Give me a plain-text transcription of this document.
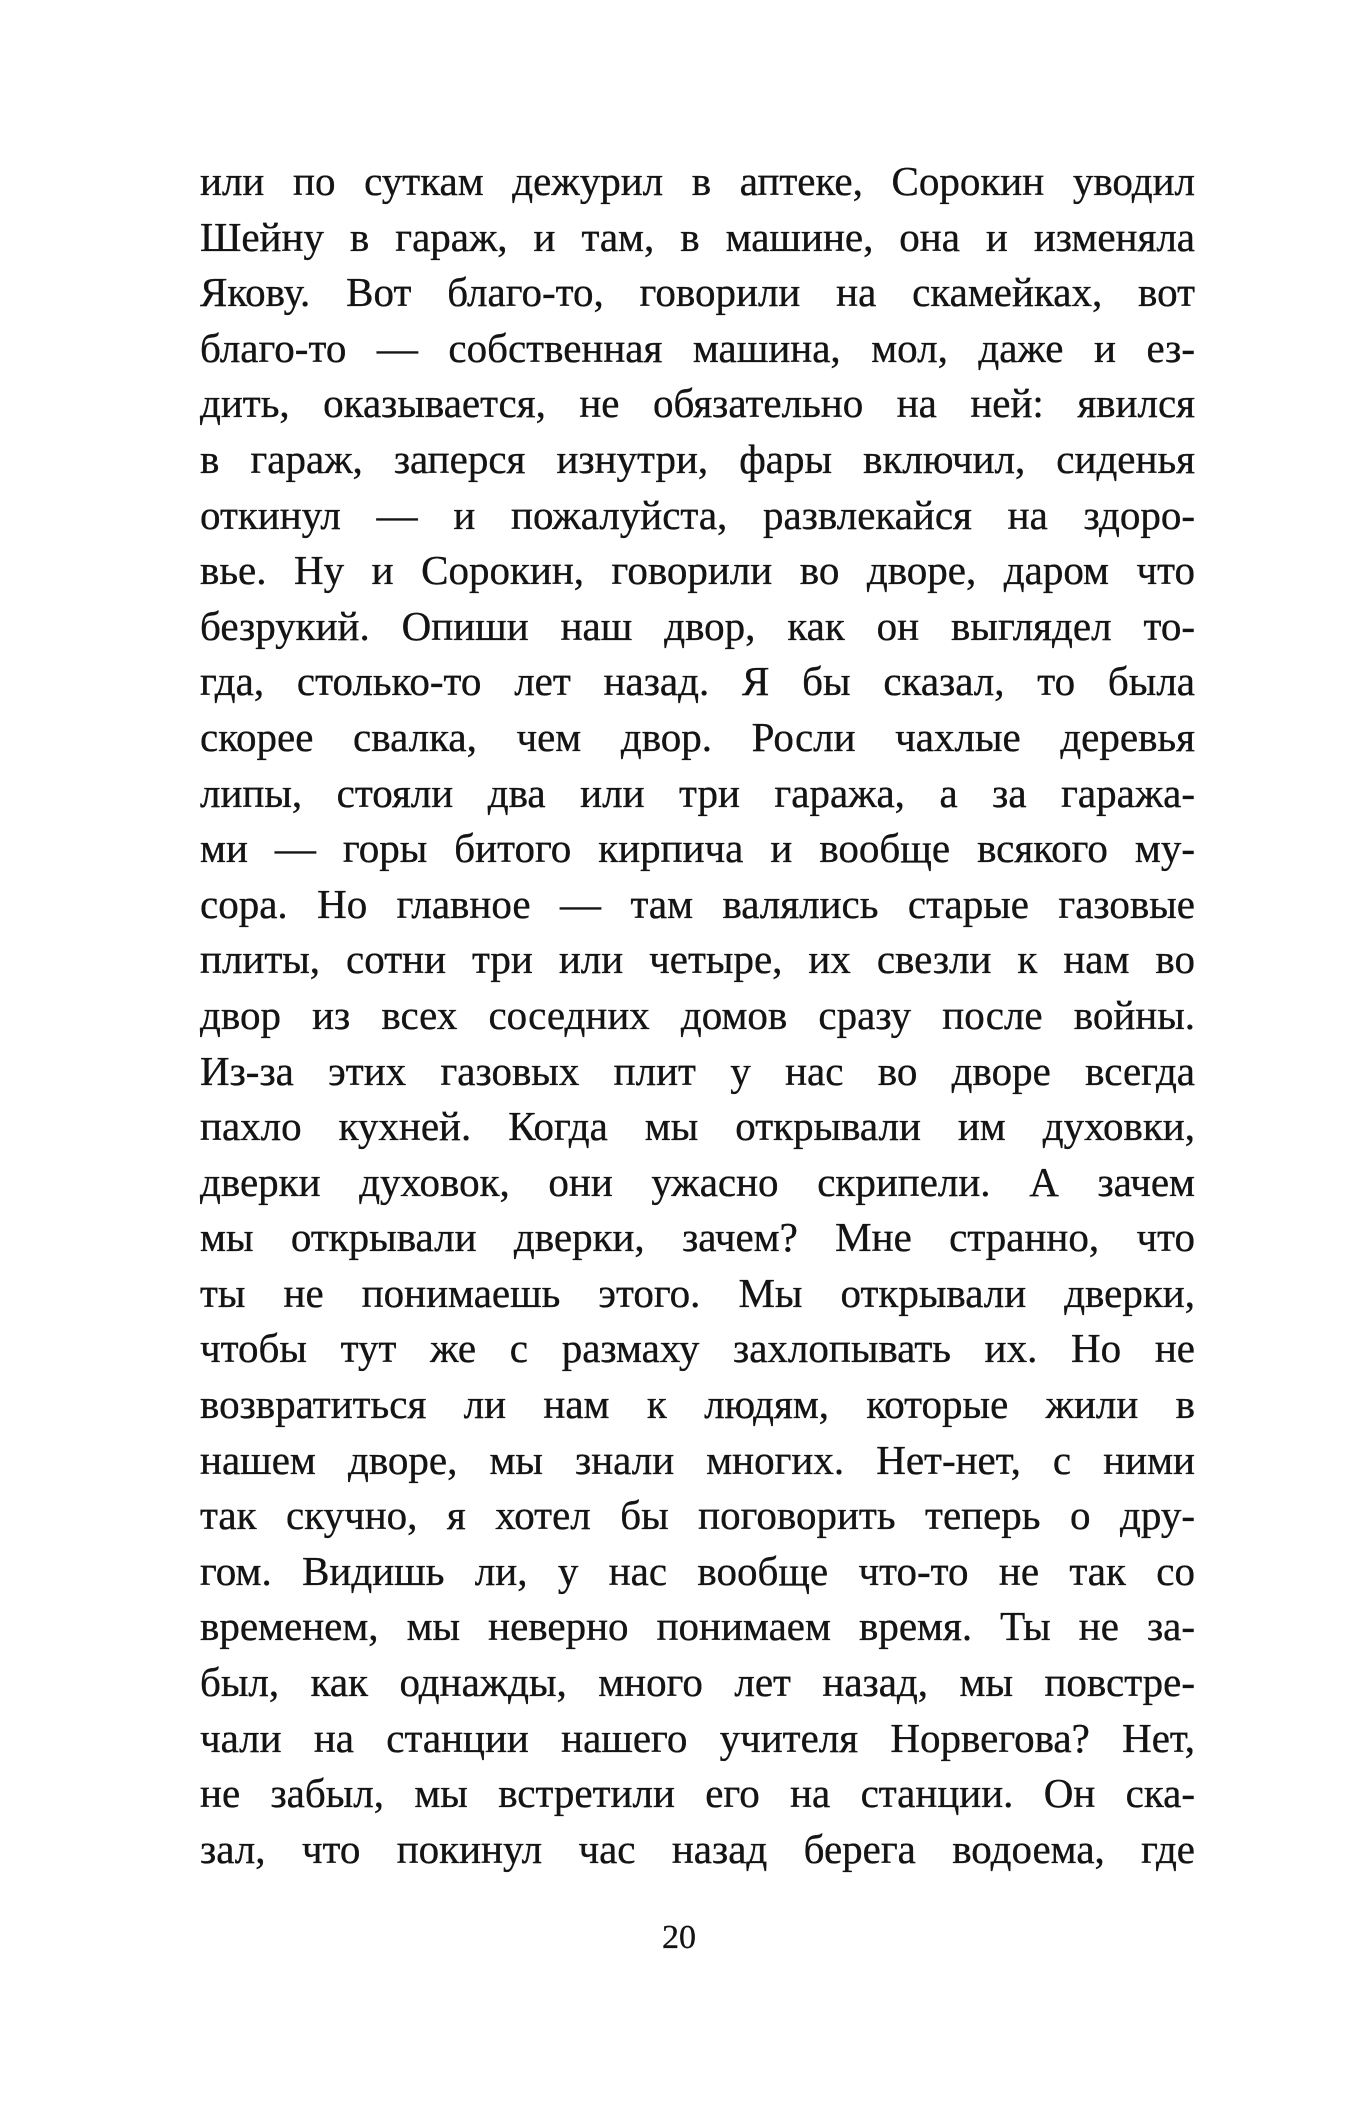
или по суткам дежурил в аптеке, Сорокин уводил
Шейну в гараж, и там, в машине, она и изменяла
Якову. Вот благо-то, говорили на скамейках, вот
благо-то — собственная машина, мол, даже и ез-
дить, оказывается, не обязательно на ней: явился
в гараж, заперся изнутри, фары включил, сиденья
откинул — и пожалуйста, развлекайся на здоро-
вье. Ну и Сорокин, говорили во дворе, даром что
безрукий. Опиши наш двор, как он выглядел то-
гда, столько-то лет назад. Я бы сказал, то была
скорее свалка, чем двор. Росли чахлые деревья
липы, стояли два или три гаража, а за гаража-
ми — горы битого кирпича и вообще всякого му-
сора. Но главное — там валялись старые газовые
плиты, сотни три или четыре, их свезли к нам во
двор из всех соседних домов сразу после войны.
Из-за этих газовых плит у нас во дворе всегда
пахло кухней. Когда мы открывали им духовки,
дверки духовок, они ужасно скрипели. А зачем
мы открывали дверки, зачем? Мне странно, что
ты не понимаешь этого. Мы открывали дверки,
чтобы тут же с размаху захлопывать их. Но не
возвратиться ли нам к людям, которые жили в
нашем дворе, мы знали многих. Нет-нет, с ними
так скучно, я хотел бы поговорить теперь о дру-
гом. Видишь ли, у нас вообще что-то не так со
временем, мы неверно понимаем время. Ты не за-
был, как однажды, много лет назад, мы повстре-
чали на станции нашего учителя Норвегова? Нет,
не забыл, мы встретили его на станции. Он ска-
зал, что покинул час назад берега водоема, где
20
